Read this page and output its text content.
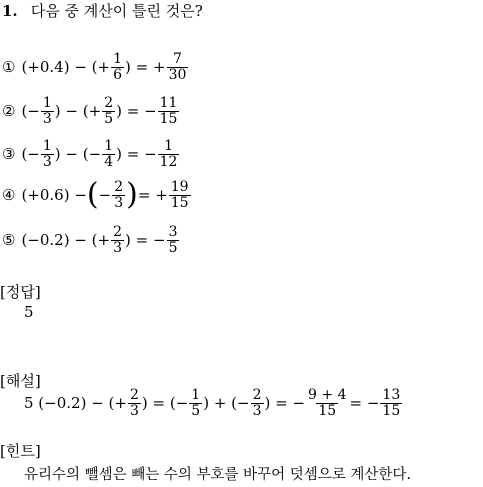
1. 다음 중 계산이 틀린 것은?
① (+0.4) − (+ $\frac{1}{6}$ ) = + $\frac{7}{30}$
② (− $\frac{1}{3}$ ) − (+ $\frac{2}{5}$ ) = − $\frac{11}{15}$
③ (− $\frac{1}{3}$ ) − (− $\frac{1}{4}$ ) = − $\frac{1}{12}$
④ (+0.6) − ( − $\frac{2}{3}$ ) = + $\frac{19}{15}$
⑤ (−0.2) − (+ $\frac{2}{3}$ ) = − $\frac{3}{5}$
[정답]
5
[해설]
5 (−0.2) − (+ $\frac{2}{3}$ ) = (− $\frac{1}{5}$ ) + (− $\frac{2}{3}$ ) = − $\frac{9 + 4}{15}$ = − $\frac{13}{15}$
[힌트]
유리수의 뺄셈은 빼는 수의 부호를 바꾸어 덧셈으로 계산한다.
